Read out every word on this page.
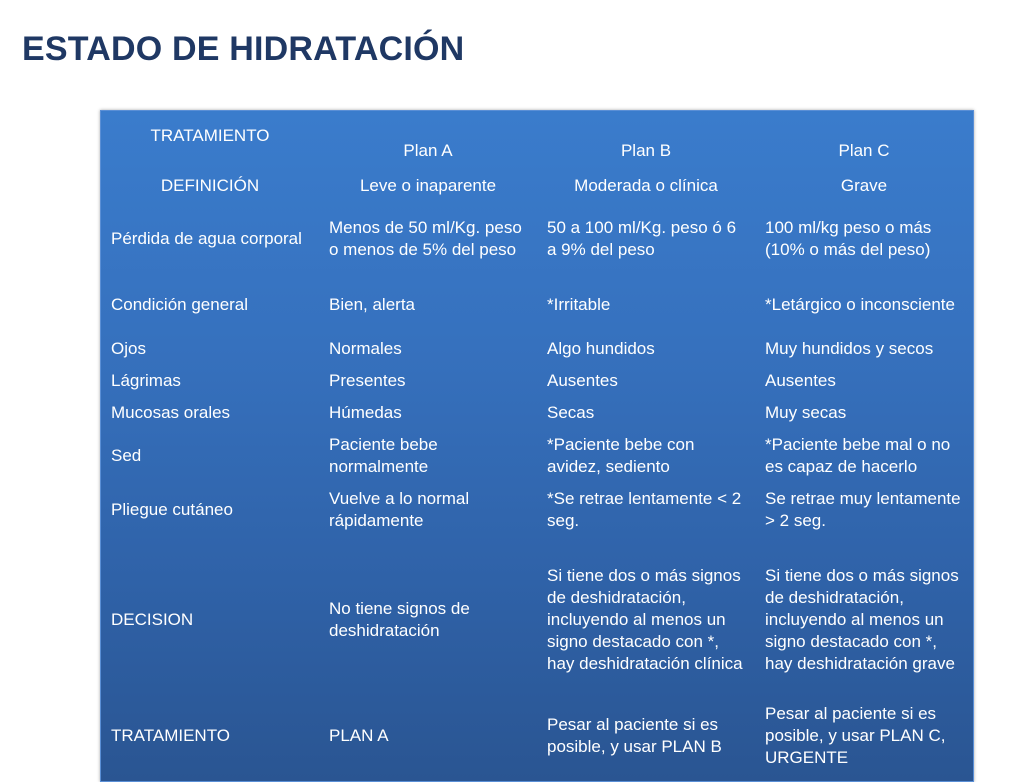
ESTADO DE HIDRATACIÓN
TRATAMIENTO	Plan A	Plan B	Plan C
DEFINICIÓN	Leve o inaparente	Moderada o clínica	Grave
Pérdida de agua corporal	Menos de 50 ml/Kg. peso o menos de 5% del peso	50 a 100 ml/Kg. peso ó 6 a 9% del peso	100 ml/kg peso o más (10% o más del peso)
Condición general	Bien, alerta	*Irritable	*Letárgico o inconsciente
Ojos	Normales	Algo hundidos	Muy hundidos y secos
Lágrimas	Presentes	Ausentes	Ausentes
Mucosas orales	Húmedas	Secas	Muy secas
Sed	Paciente bebe normalmente	*Paciente bebe con avidez, sediento	*Paciente bebe mal o no es capaz de hacerlo
Pliegue cutáneo	Vuelve a lo normal rápidamente	*Se retrae lentamente < 2 seg.	Se retrae muy lentamente > 2 seg.
DECISION	No tiene signos de deshidratación	Si tiene dos o más signos de deshidratación, incluyendo al menos un signo destacado con *, hay deshidratación clínica	Si tiene dos o más signos de deshidratación, incluyendo al menos un signo destacado con *, hay deshidratación grave
TRATAMIENTO	PLAN A	Pesar al paciente si es posible, y usar PLAN B	Pesar al paciente si es posible, y usar PLAN C, URGENTE
